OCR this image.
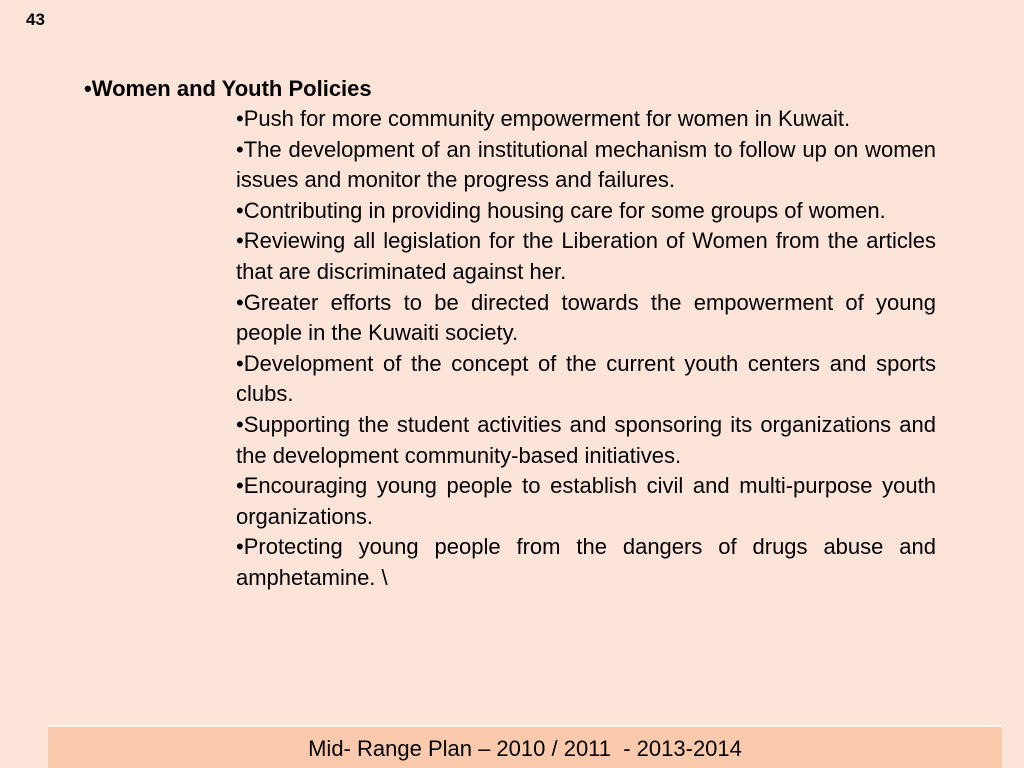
43
•Women and Youth Policies
•Push for more community empowerment for women in Kuwait.
•The development of an institutional mechanism to follow up on women issues and monitor the progress and failures.
•Contributing in providing housing care for some groups of women.
•Reviewing all legislation for the Liberation of Women from the articles that are discriminated against her.
•Greater efforts to be directed towards the empowerment of young people in the Kuwaiti society.
•Development of the concept of the current youth centers and sports clubs.
•Supporting the student activities and sponsoring its organizations and the development community-based initiatives.
•Encouraging young people to establish civil and multi-purpose youth organizations.
•Protecting young people from the dangers of drugs abuse and amphetamine. \
Mid- Range Plan – 2010 / 2011  - 2013-2014
